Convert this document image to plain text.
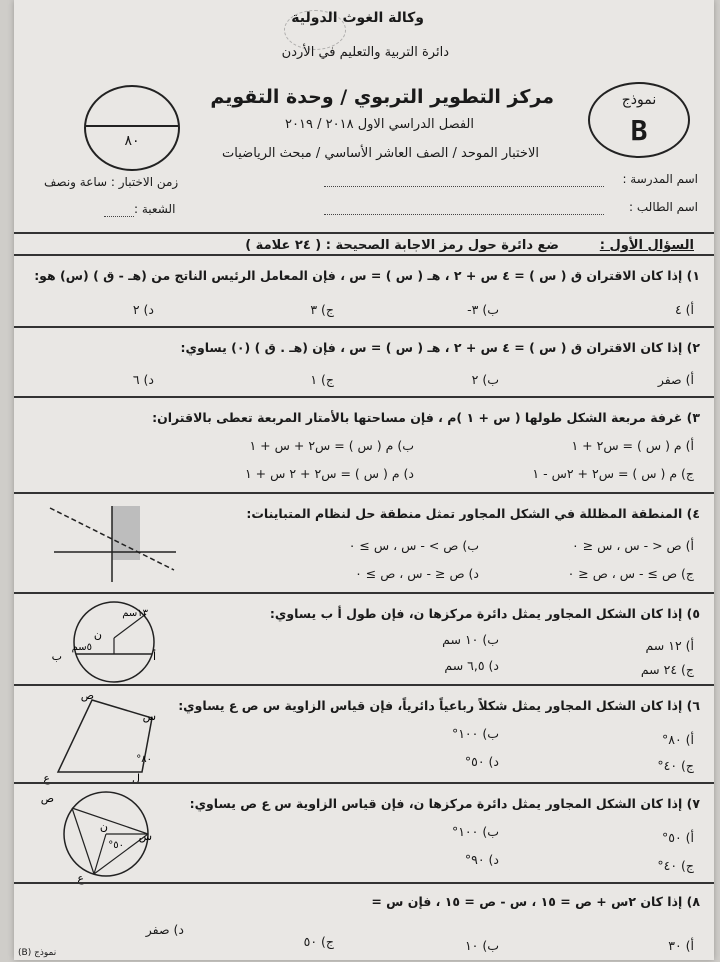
وكالة الغوث الدولية
دائرة التربية والتعليم في الأردن
مركز التطوير التربوي / وحدة التقويم
الفصل الدراسي الاول ٢٠١٨ / ٢٠١٩
الاختبار الموحد / الصف العاشر الأساسي / مبحث الرياضيات
نموذج
B
٨٠
اسم المدرسة :
اسم الطالب :
زمن الاختبار : ساعة ونصف
الشعبة :
السؤال الأول :
ضع دائرة حول رمز الاجابة الصحيحة : ( ٢٤ علامة )
١) إذا كان الاقتران ق ( س ) = ٤ س + ٢ ، هـ ( س ) = س ، فإن المعامل الرئيس الناتج من (هـ - ق ) (س) هو:
أ) ٤
ب) ٣-
ج) ٣
د) ٢
٢) إذا كان الاقتران ق ( س ) = ٤ س + ٢ ، هـ ( س ) = س ، فإن (هـ . ق ) (٠) يساوي:
أ) صفر
ب) ٢
ج) ١
د) ٦
٣) غرفة مربعة الشكل طولها ( س + ١ )م ، فإن مساحتها بالأمتار المربعة تعطى بالاقتران:
أ) م ( س ) = س٢ + ١
ب) م ( س ) = س٢ + س + ١
ج) م ( س ) = س٢ + ٢س - ١
د) م ( س ) = س٢ + ٢ س + ١
٤) المنطقة المظللة في الشكل المجاور تمثل منطقة حل لنظام المتباينات:
أ) ص < - س ، س ≤ ٠
ب) ص > - س ، س ≥ ٠
ج) ص ≥ - س ، ص ≤ ٠
د) ص ≤ - س ، ص ≥ ٠
٥) إذا كان الشكل المجاور يمثل دائرة مركزها ن، فإن طول أ ب يساوي:
أ) ١٢ سم
ب) ١٠ سم
ج) ٢٤ سم
د) ٦,٥ سم
١٣سم
٥سم
ن
ب	أ
٦) إذا كان الشكل المجاور يمثل شكلاً رباعياً دائرياً، فإن قياس الزاوية س ص ع يساوي:
أ) ٨٠°
ب) ١٠٠°
ج) ٤٠°
د) ٥٠°
ص
س
ل
ع
٨٠°
٧) إذا كان الشكل المجاور يمثل دائرة مركزها ن، فإن قياس الزاوية س ع ص يساوي:
أ) ٥٠°
ب) ١٠٠°
ج) ٤٠°
د) ٩٠°
ص
س
ع
ن
٥٠°
٨) إذا كان ٢س + ص = ١٥ ، س - ص = ١٥ ، فإن س =
أ) ٣٠
ب) ١٠
ج) ٥٠
د) صفر
نموذج (B)
